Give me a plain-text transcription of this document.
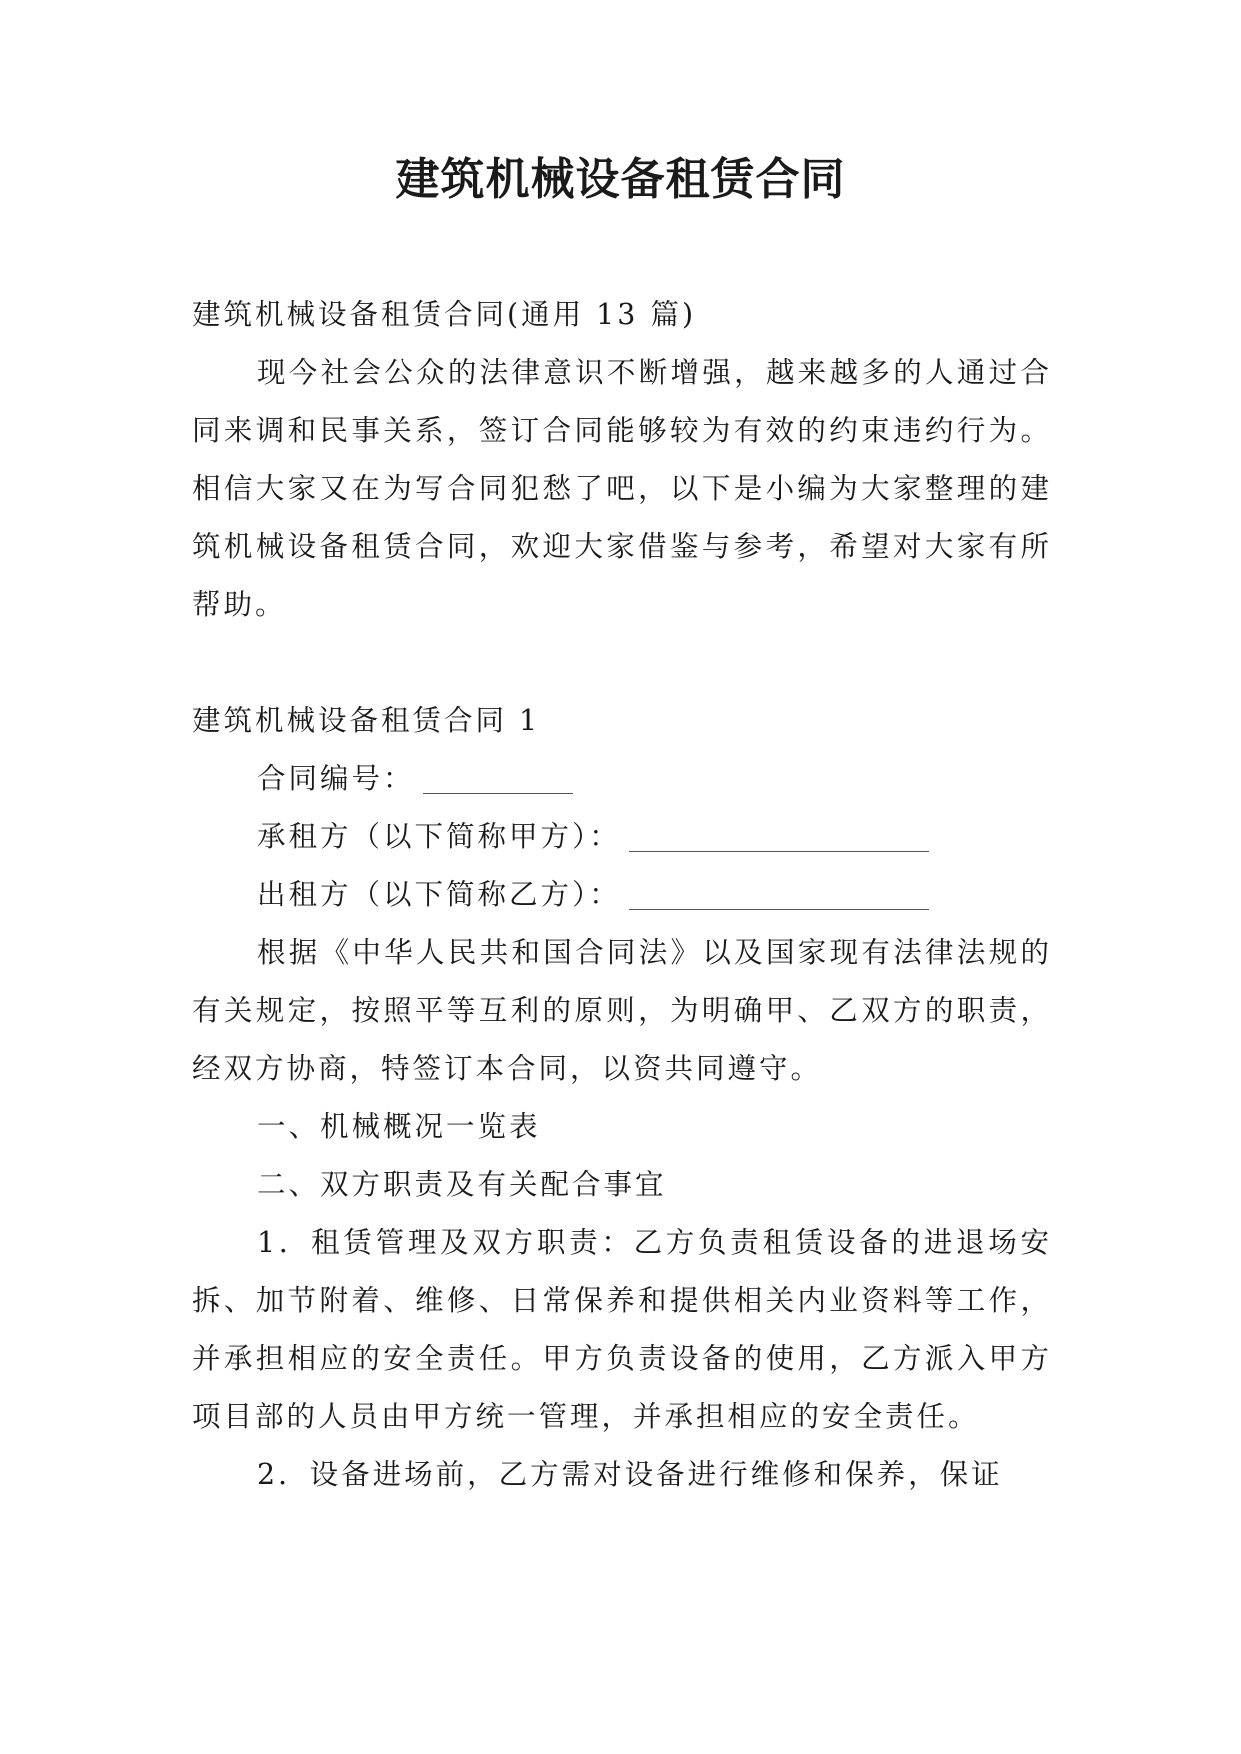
建筑机械设备租赁合同

建筑机械设备租赁合同(通用 13 篇)

现今社会公众的法律意识不断增强，越来越多的人通过合同来调和民事关系，签订合同能够较为有效的约束违约行为。相信大家又在为写合同犯愁了吧，以下是小编为大家整理的建筑机械设备租赁合同，欢迎大家借鉴与参考，希望对大家有所帮助。

建筑机械设备租赁合同 1

合同编号：

承租方（以下简称甲方）：

出租方（以下简称乙方）：

根据《中华人民共和国合同法》以及国家现有法律法规的有关规定，按照平等互利的原则，为明确甲、乙双方的职责，经双方协商，特签订本合同，以资共同遵守。

一、机械概况一览表

二、双方职责及有关配合事宜

1．租赁管理及双方职责：乙方负责租赁设备的进退场安拆、加节附着、维修、日常保养和提供相关内业资料等工作，并承担相应的安全责任。甲方负责设备的使用，乙方派入甲方项目部的人员由甲方统一管理，并承担相应的安全责任。

2．设备进场前，乙方需对设备进行维修和保养，保证
